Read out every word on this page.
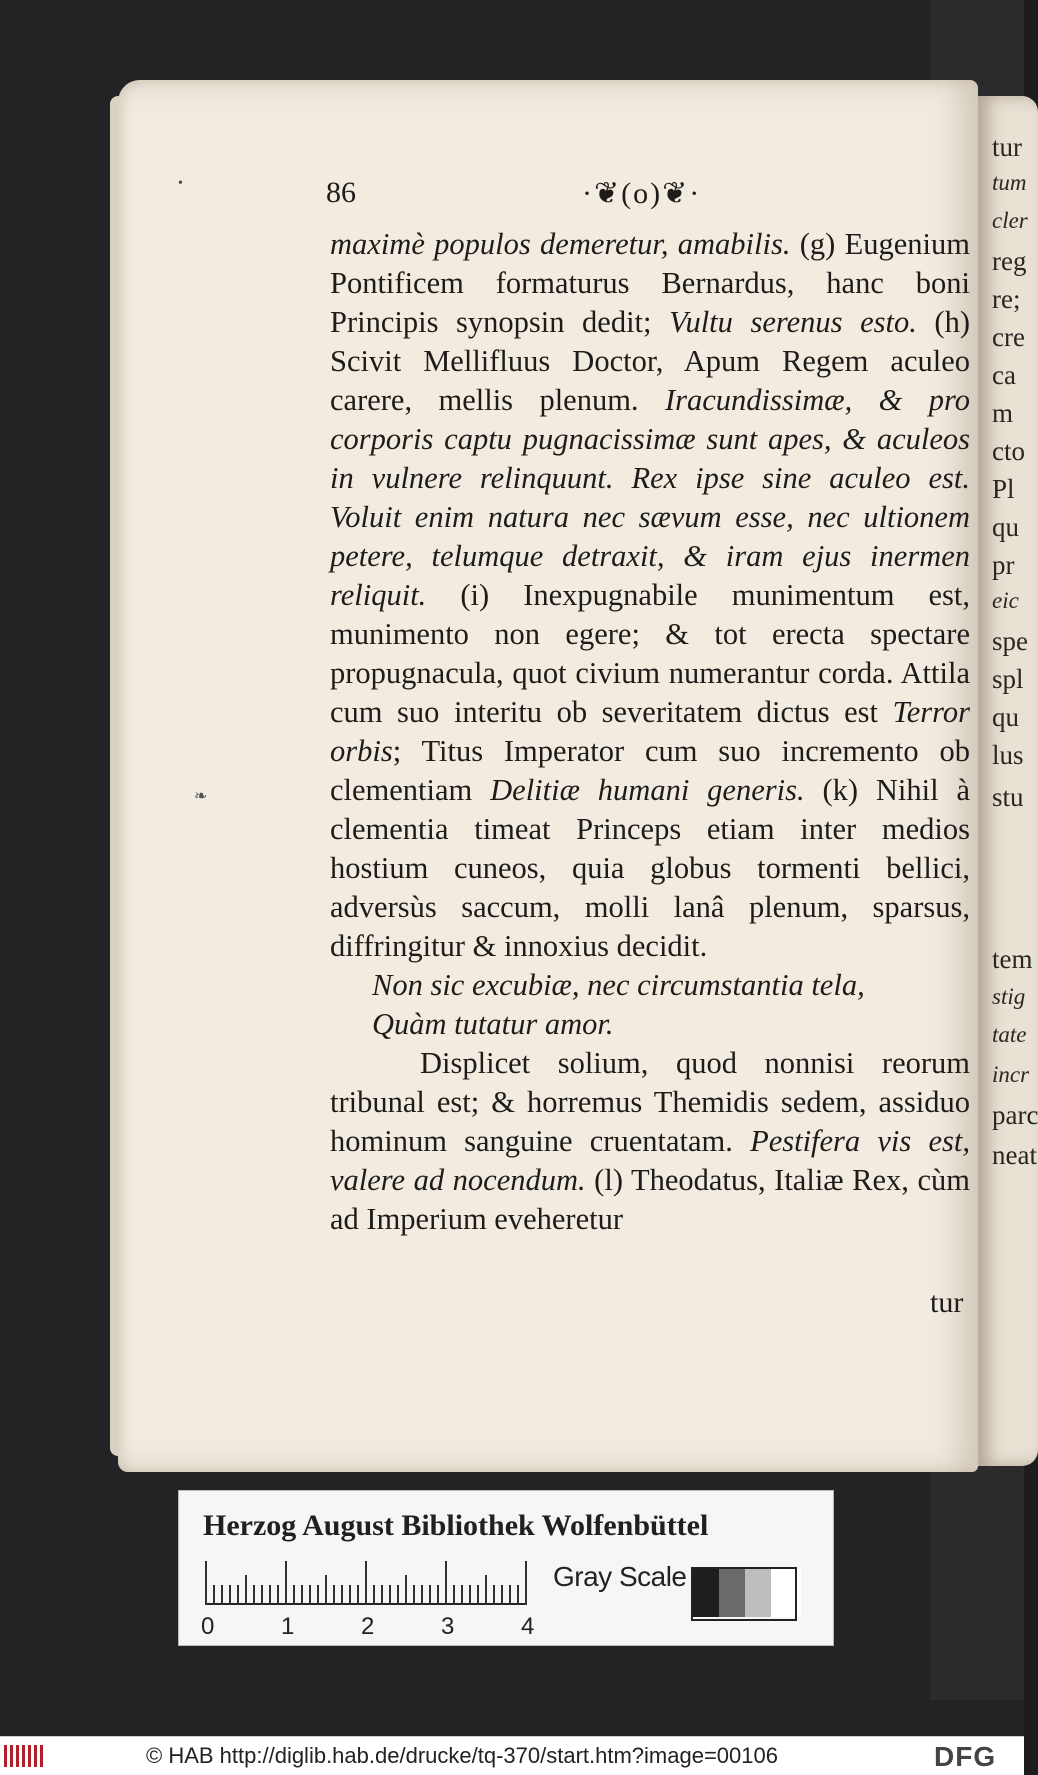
tur
tum
cler
reg
re;
cre
ca
m
cto
Pl
qu
pr
eic
spe
spl
qu
lus
stu
tem
stig
tate
incr
parc
neat
•
❧
86	·❦(o)❦·

maximè populos demeretur, amabilis. (g) Eugenium Pontificem formaturus Bernardus, hanc boni Principis synopsin dedit; Vultu serenus esto. (h) Scivit Mellifluus Doctor, Apum Regem aculeo carere, mellis plenum. Iracundissimæ, & pro corporis captu pugnacissimæ sunt apes, & aculeos in vulnere relinquunt. Rex ipse sine aculeo est. Voluit enim natura nec sævum esse, nec ultionem petere, telumque detraxit, & iram ejus inermen reliquit. (i) Inexpugnabile munimentum est, munimento non egere; & tot erecta spectare propugnacula, quot civium numerantur corda. Attila cum suo interitu ob severitatem dictus est Terror orbis; Titus Imperator cum suo incremento ob clementiam Delitiæ humani generis. (k) Nihil à clementia timeat Princeps etiam inter medios hostium cuneos, quia globus tormenti bellici, adversùs saccum, molli lanâ plenum, sparsus, diffringitur & innoxius decidit.

Non sic excubiæ, nec circumstantia tela,

Quàm tutatur amor.

Displicet solium, quod nonnisi reorum tribunal est; & horremus Themidis sedem, assiduo hominum sanguine cruentatam. Pestifera vis est, valere ad nocendum. (l) Theodatus, Italiæ Rex, cùm ad Imperium eveheretur

tur
Herzog August Bibliothek Wolfenbüttel
0	1	2	3	4
Gray Scale
© HAB http://diglib.hab.de/drucke/tq-370/start.htm?image=00106	DFG
